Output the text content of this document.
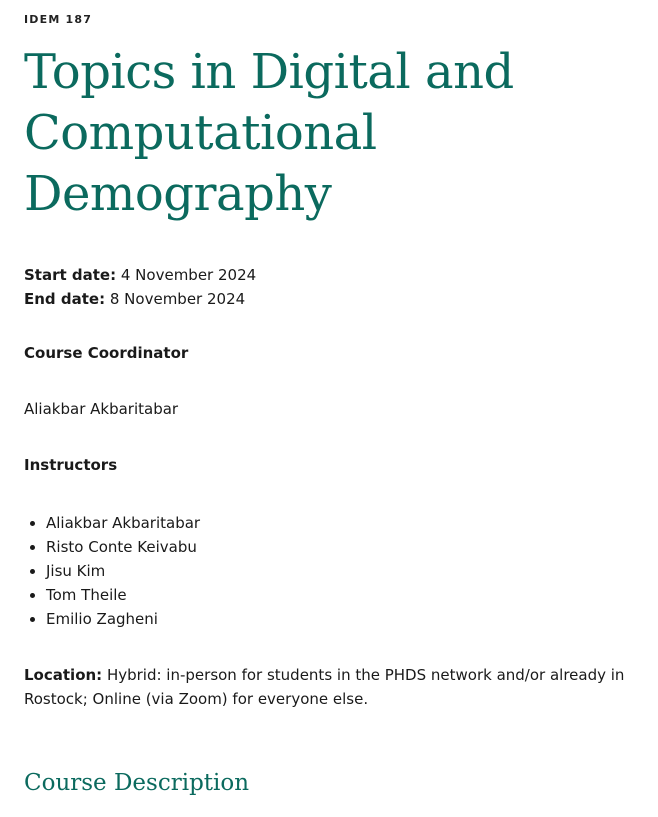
IDEM 187
Topics in Digital and Computational Demography
Start date: 4 November 2024
End date: 8 November 2024
Course Coordinator
Aliakbar Akbaritabar
Instructors
• Aliakbar Akbaritabar
• Risto Conte Keivabu
• Jisu Kim
• Tom Theile
• Emilio Zagheni
Location: Hybrid: in-person for students in the PHDS network and/or already in Rostock; Online (via Zoom) for everyone else.
Course Description
